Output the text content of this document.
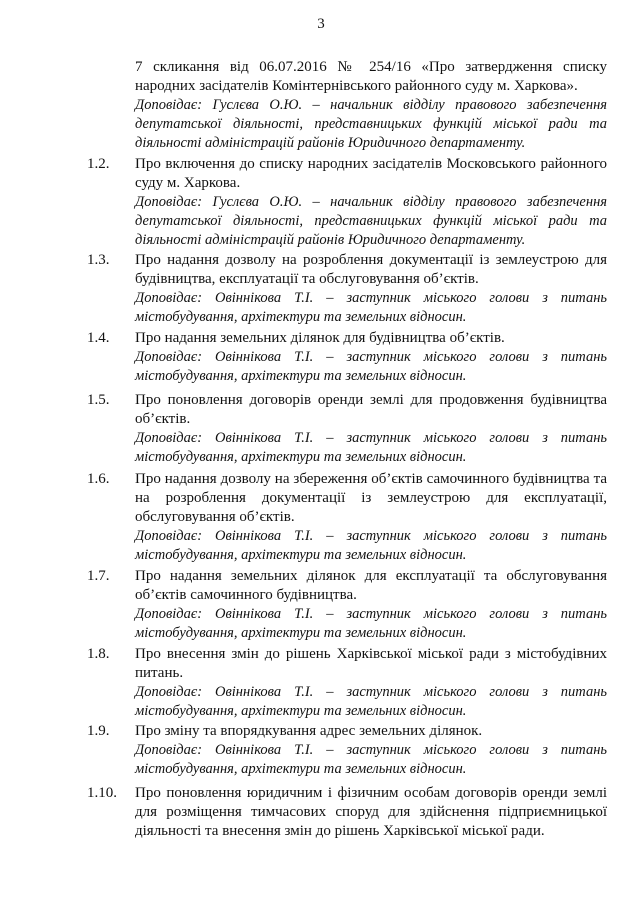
3
7 скликання від 06.07.2016 № 254/16 «Про затвердження списку народних засідателів Комінтернівського районного суду м. Харкова».
Доповідає: Гуслєва О.Ю. – начальник відділу правового забезпечення депутатської діяльності, представницьких функцій міської ради та діяльності адміністрацій районів Юридичного департаменту.
1.2. Про включення до списку народних засідателів Московського районного суду м. Харкова.
Доповідає: Гуслєва О.Ю. – начальник відділу правового забезпечення депутатської діяльності, представницьких функцій міської ради та діяльності адміністрацій районів Юридичного департаменту.
1.3. Про надання дозволу на розроблення документації із землеустрою для будівництва, експлуатації та обслуговування об’єктів.
Доповідає: Овіннікова Т.І. – заступник міського голови з питань містобудування, архітектури та земельних відносин.
1.4. Про надання земельних ділянок для будівництва об’єктів.
Доповідає: Овіннікова Т.І. – заступник міського голови з питань містобудування, архітектури та земельних відносин.
1.5. Про поновлення договорів оренди землі для продовження будівництва об’єктів.
Доповідає: Овіннікова Т.І. – заступник міського голови з питань містобудування, архітектури та земельних відносин.
1.6. Про надання дозволу на збереження об’єктів самочинного будівництва та на розроблення документації із землеустрою для експлуатації, обслуговування об’єктів.
Доповідає: Овіннікова Т.І. – заступник міського голови з питань містобудування, архітектури та земельних відносин.
1.7. Про надання земельних ділянок для експлуатації та обслуговування об’єктів самочинного будівництва.
Доповідає: Овіннікова Т.І. – заступник міського голови з питань містобудування, архітектури та земельних відносин.
1.8. Про внесення змін до рішень Харківської міської ради з містобудівних питань.
Доповідає: Овіннікова Т.І. – заступник міського голови з питань містобудування, архітектури та земельних відносин.
1.9. Про зміну та впорядкування адрес земельних ділянок.
Доповідає: Овіннікова Т.І. – заступник міського голови з питань містобудування, архітектури та земельних відносин.
1.10. Про поновлення юридичним і фізичним особам договорів оренди землі для розміщення тимчасових споруд для здійснення підприємницької діяльності та внесення змін до рішень Харківської міської ради.
